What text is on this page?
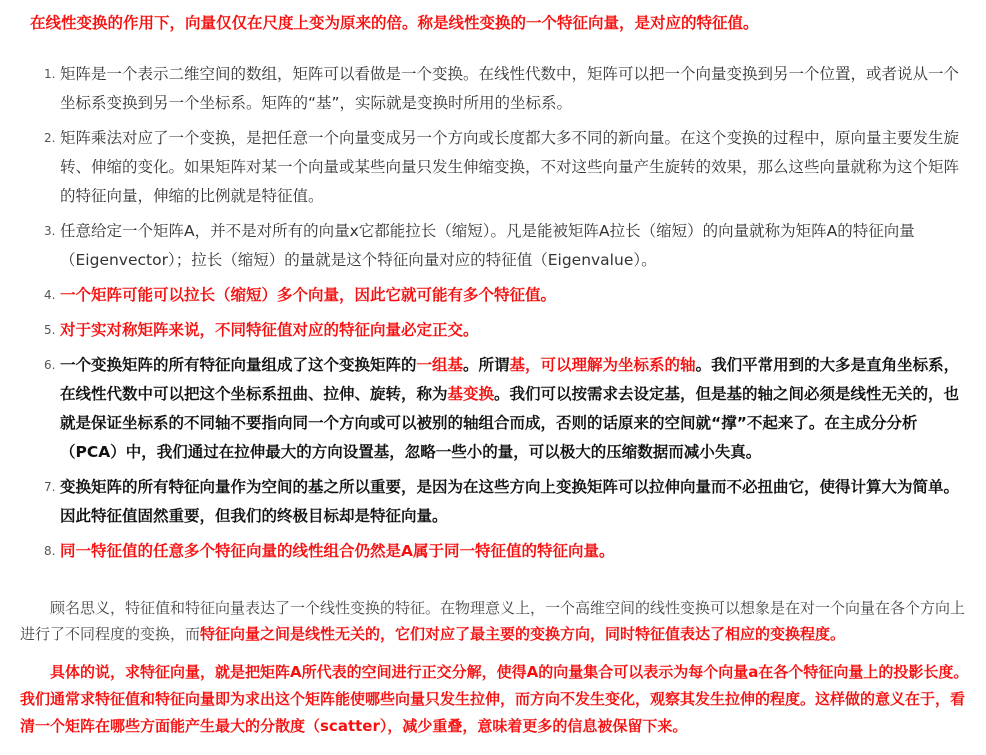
在线性变换的作用下，向量仅仅在尺度上变为原来的倍。称是线性变换的一个特征向量，是对应的特征值。
1. 矩阵是一个表示二维空间的数组，矩阵可以看做是一个变换。在线性代数中，矩阵可以把一个向量变换到另一个位置，或者说从一个坐标系变换到另一个坐标系。矩阵的“基”，实际就是变换时所用的坐标系。
2. 矩阵乘法对应了一个变换，是把任意一个向量变成另一个方向或长度都大多不同的新向量。在这个变换的过程中，原向量主要发生旋转、伸缩的变化。如果矩阵对某一个向量或某些向量只发生伸缩变换，不对这些向量产生旋转的效果，那么这些向量就称为这个矩阵的特征向量，伸缩的比例就是特征值。
3. 任意给定一个矩阵A，并不是对所有的向量x它都能拉长（缩短）。凡是能被矩阵A拉长（缩短）的向量就称为矩阵A的特征向量（Eigenvector）；拉长（缩短）的量就是这个特征向量对应的特征值（Eigenvalue）。
4. 一个矩阵可能可以拉长（缩短）多个向量，因此它就可能有多个特征值。
5. 对于实对称矩阵来说，不同特征值对应的特征向量必定正交。
6. 一个变换矩阵的所有特征向量组成了这个变换矩阵的一组基。所谓基，可以理解为坐标系的轴。我们平常用到的大多是直角坐标系，在线性代数中可以把这个坐标系扭曲、拉伸、旋转，称为基变换。我们可以按需求去设定基，但是基的轴之间必须是线性无关的，也就是保证坐标系的不同轴不要指向同一个方向或可以被别的轴组合而成，否则的话原来的空间就“撑”不起来了。在主成分分析（PCA）中，我们通过在拉伸最大的方向设置基，忽略一些小的量，可以极大的压缩数据而减小失真。
7. 变换矩阵的所有特征向量作为空间的基之所以重要，是因为在这些方向上变换矩阵可以拉伸向量而不必扭曲它，使得计算大为简单。因此特征值固然重要，但我们的终极目标却是特征向量。
8. 同一特征值的任意多个特征向量的线性组合仍然是A属于同一特征值的特征向量。

顾名思义，特征值和特征向量表达了一个线性变换的特征。在物理意义上，一个高维空间的线性变换可以想象是在对一个向量在各个方向上进行了不同程度的变换，而特征向量之间是线性无关的，它们对应了最主要的变换方向，同时特征值表达了相应的变换程度。

具体的说，求特征向量，就是把矩阵A所代表的空间进行正交分解，使得A的向量集合可以表示为每个向量a在各个特征向量上的投影长度。我们通常求特征值和特征向量即为求出这个矩阵能使哪些向量只发生拉伸，而方向不发生变化，观察其发生拉伸的程度。这样做的意义在于，看清一个矩阵在哪些方面能产生最大的分散度（scatter），减少重叠，意味着更多的信息被保留下来。
